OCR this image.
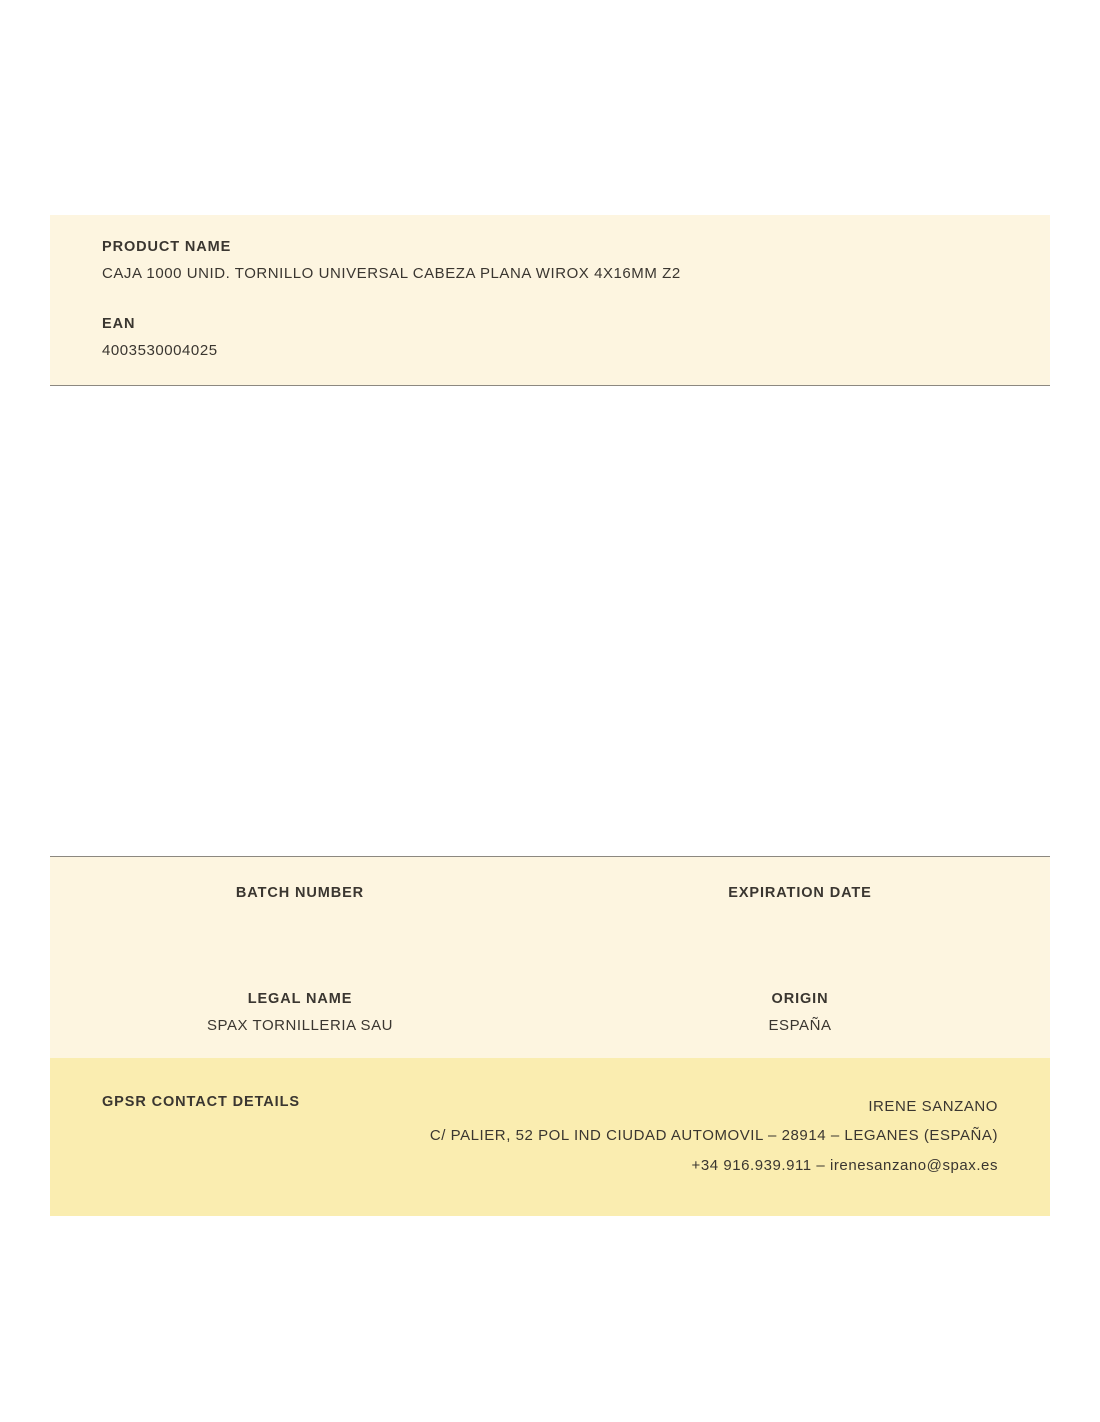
PRODUCT NAME
CAJA 1000 UNID. TORNILLO UNIVERSAL CABEZA PLANA WIROX 4X16MM Z2
EAN
4003530004025
BATCH NUMBER	EXPIRATION DATE
LEGAL NAME
SPAX TORNILLERIA SAU
ORIGIN
ESPAÑA
GPSR CONTACT DETAILS	IRENE SANZANO
C/ PALIER, 52 POL IND CIUDAD AUTOMOVIL – 28914 – LEGANES (ESPAÑA)
+34 916.939.911 – irenesanzano@spax.es
